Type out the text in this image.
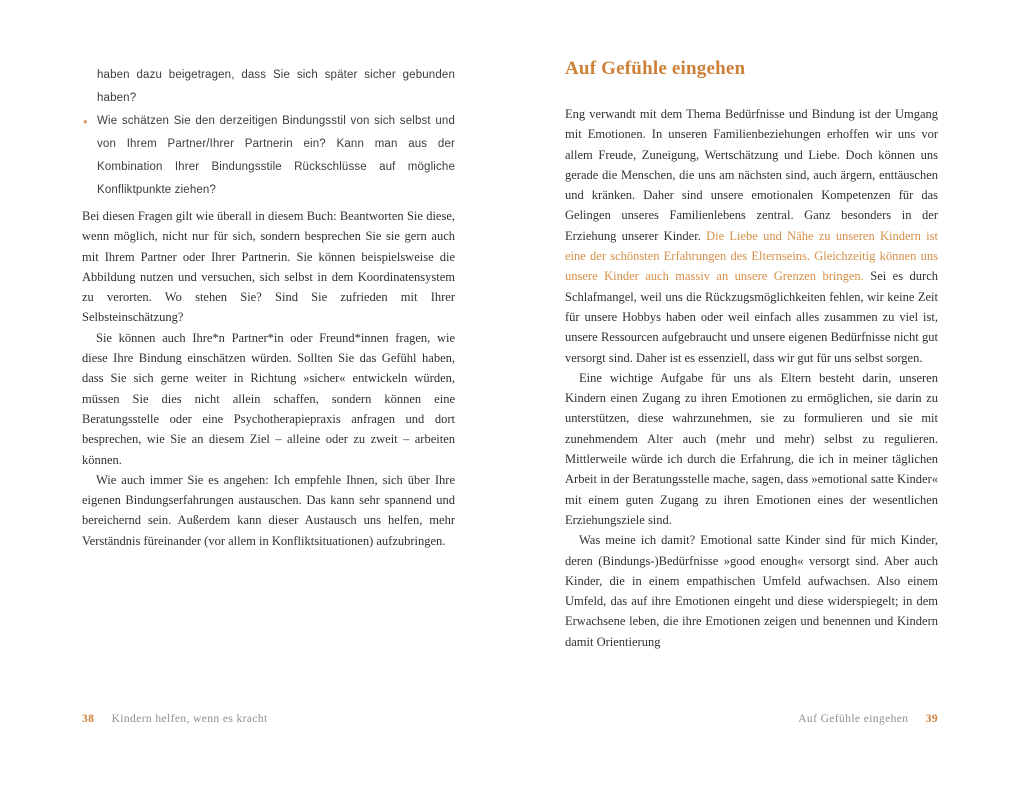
haben dazu beigetragen, dass Sie sich später sicher gebunden haben?
• Wie schätzen Sie den derzeitigen Bindungsstil von sich selbst und von Ihrem Partner/Ihrer Partnerin ein? Kann man aus der Kombination Ihrer Bindungsstile Rückschlüsse auf mögliche Konfliktpunkte ziehen?
Bei diesen Fragen gilt wie überall in diesem Buch: Beantworten Sie diese, wenn möglich, nicht nur für sich, sondern besprechen Sie sie gern auch mit Ihrem Partner oder Ihrer Partnerin. Sie können beispielsweise die Abbildung nutzen und versuchen, sich selbst in dem Koordinatensystem zu verorten. Wo stehen Sie? Sind Sie zufrieden mit Ihrer Selbsteinschätzung?
Sie können auch Ihre*n Partner*in oder Freund*innen fragen, wie diese Ihre Bindung einschätzen würden. Sollten Sie das Gefühl haben, dass Sie sich gerne weiter in Richtung »sicher« entwickeln würden, müssen Sie dies nicht allein schaffen, sondern können eine Beratungsstelle oder eine Psychotherapiepraxis anfragen und dort besprechen, wie Sie an diesem Ziel – alleine oder zu zweit – arbeiten können.
Wie auch immer Sie es angehen: Ich empfehle Ihnen, sich über Ihre eigenen Bindungserfahrungen austauschen. Das kann sehr spannend und bereichernd sein. Außerdem kann dieser Austausch uns helfen, mehr Verständnis füreinander (vor allem in Konfliktsituationen) aufzubringen.
38 Kindern helfen, wenn es kracht
Auf Gefühle eingehen
Eng verwandt mit dem Thema Bedürfnisse und Bindung ist der Umgang mit Emotionen. In unseren Familienbeziehungen erhoffen wir uns vor allem Freude, Zuneigung, Wertschätzung und Liebe. Doch können uns gerade die Menschen, die uns am nächsten sind, auch ärgern, enttäuschen und kränken. Daher sind unsere emotionalen Kompetenzen für das Gelingen unseres Familienlebens zentral. Ganz besonders in der Erziehung unserer Kinder. Die Liebe und Nähe zu unseren Kindern ist eine der schönsten Erfahrungen des Elternseins. Gleichzeitig können uns unsere Kinder auch massiv an unsere Grenzen bringen. Sei es durch Schlafmangel, weil uns die Rückzugsmöglichkeiten fehlen, wir keine Zeit für unsere Hobbys haben oder weil einfach alles zusammen zu viel ist, unsere Ressourcen aufgebraucht und unsere eigenen Bedürfnisse nicht gut versorgt sind. Daher ist es essenziell, dass wir gut für uns selbst sorgen.
Eine wichtige Aufgabe für uns als Eltern besteht darin, unseren Kindern einen Zugang zu ihren Emotionen zu ermöglichen, sie darin zu unterstützen, diese wahrzunehmen, sie zu formulieren und sie mit zunehmendem Alter auch (mehr und mehr) selbst zu regulieren. Mittlerweile würde ich durch die Erfahrung, die ich in meiner täglichen Arbeit in der Beratungsstelle mache, sagen, dass »emotional satte Kinder« mit einem guten Zugang zu ihren Emotionen eines der wesentlichen Erziehungsziele sind.
Was meine ich damit? Emotional satte Kinder sind für mich Kinder, deren (Bindungs-)Bedürfnisse »good enough« versorgt sind. Aber auch Kinder, die in einem empathischen Umfeld aufwachsen. Also einem Umfeld, das auf ihre Emotionen eingeht und diese widerspiegelt; in dem Erwachsene leben, die ihre Emotionen zeigen und benennen und Kindern damit Orientierung
Auf Gefühle eingehen 39
